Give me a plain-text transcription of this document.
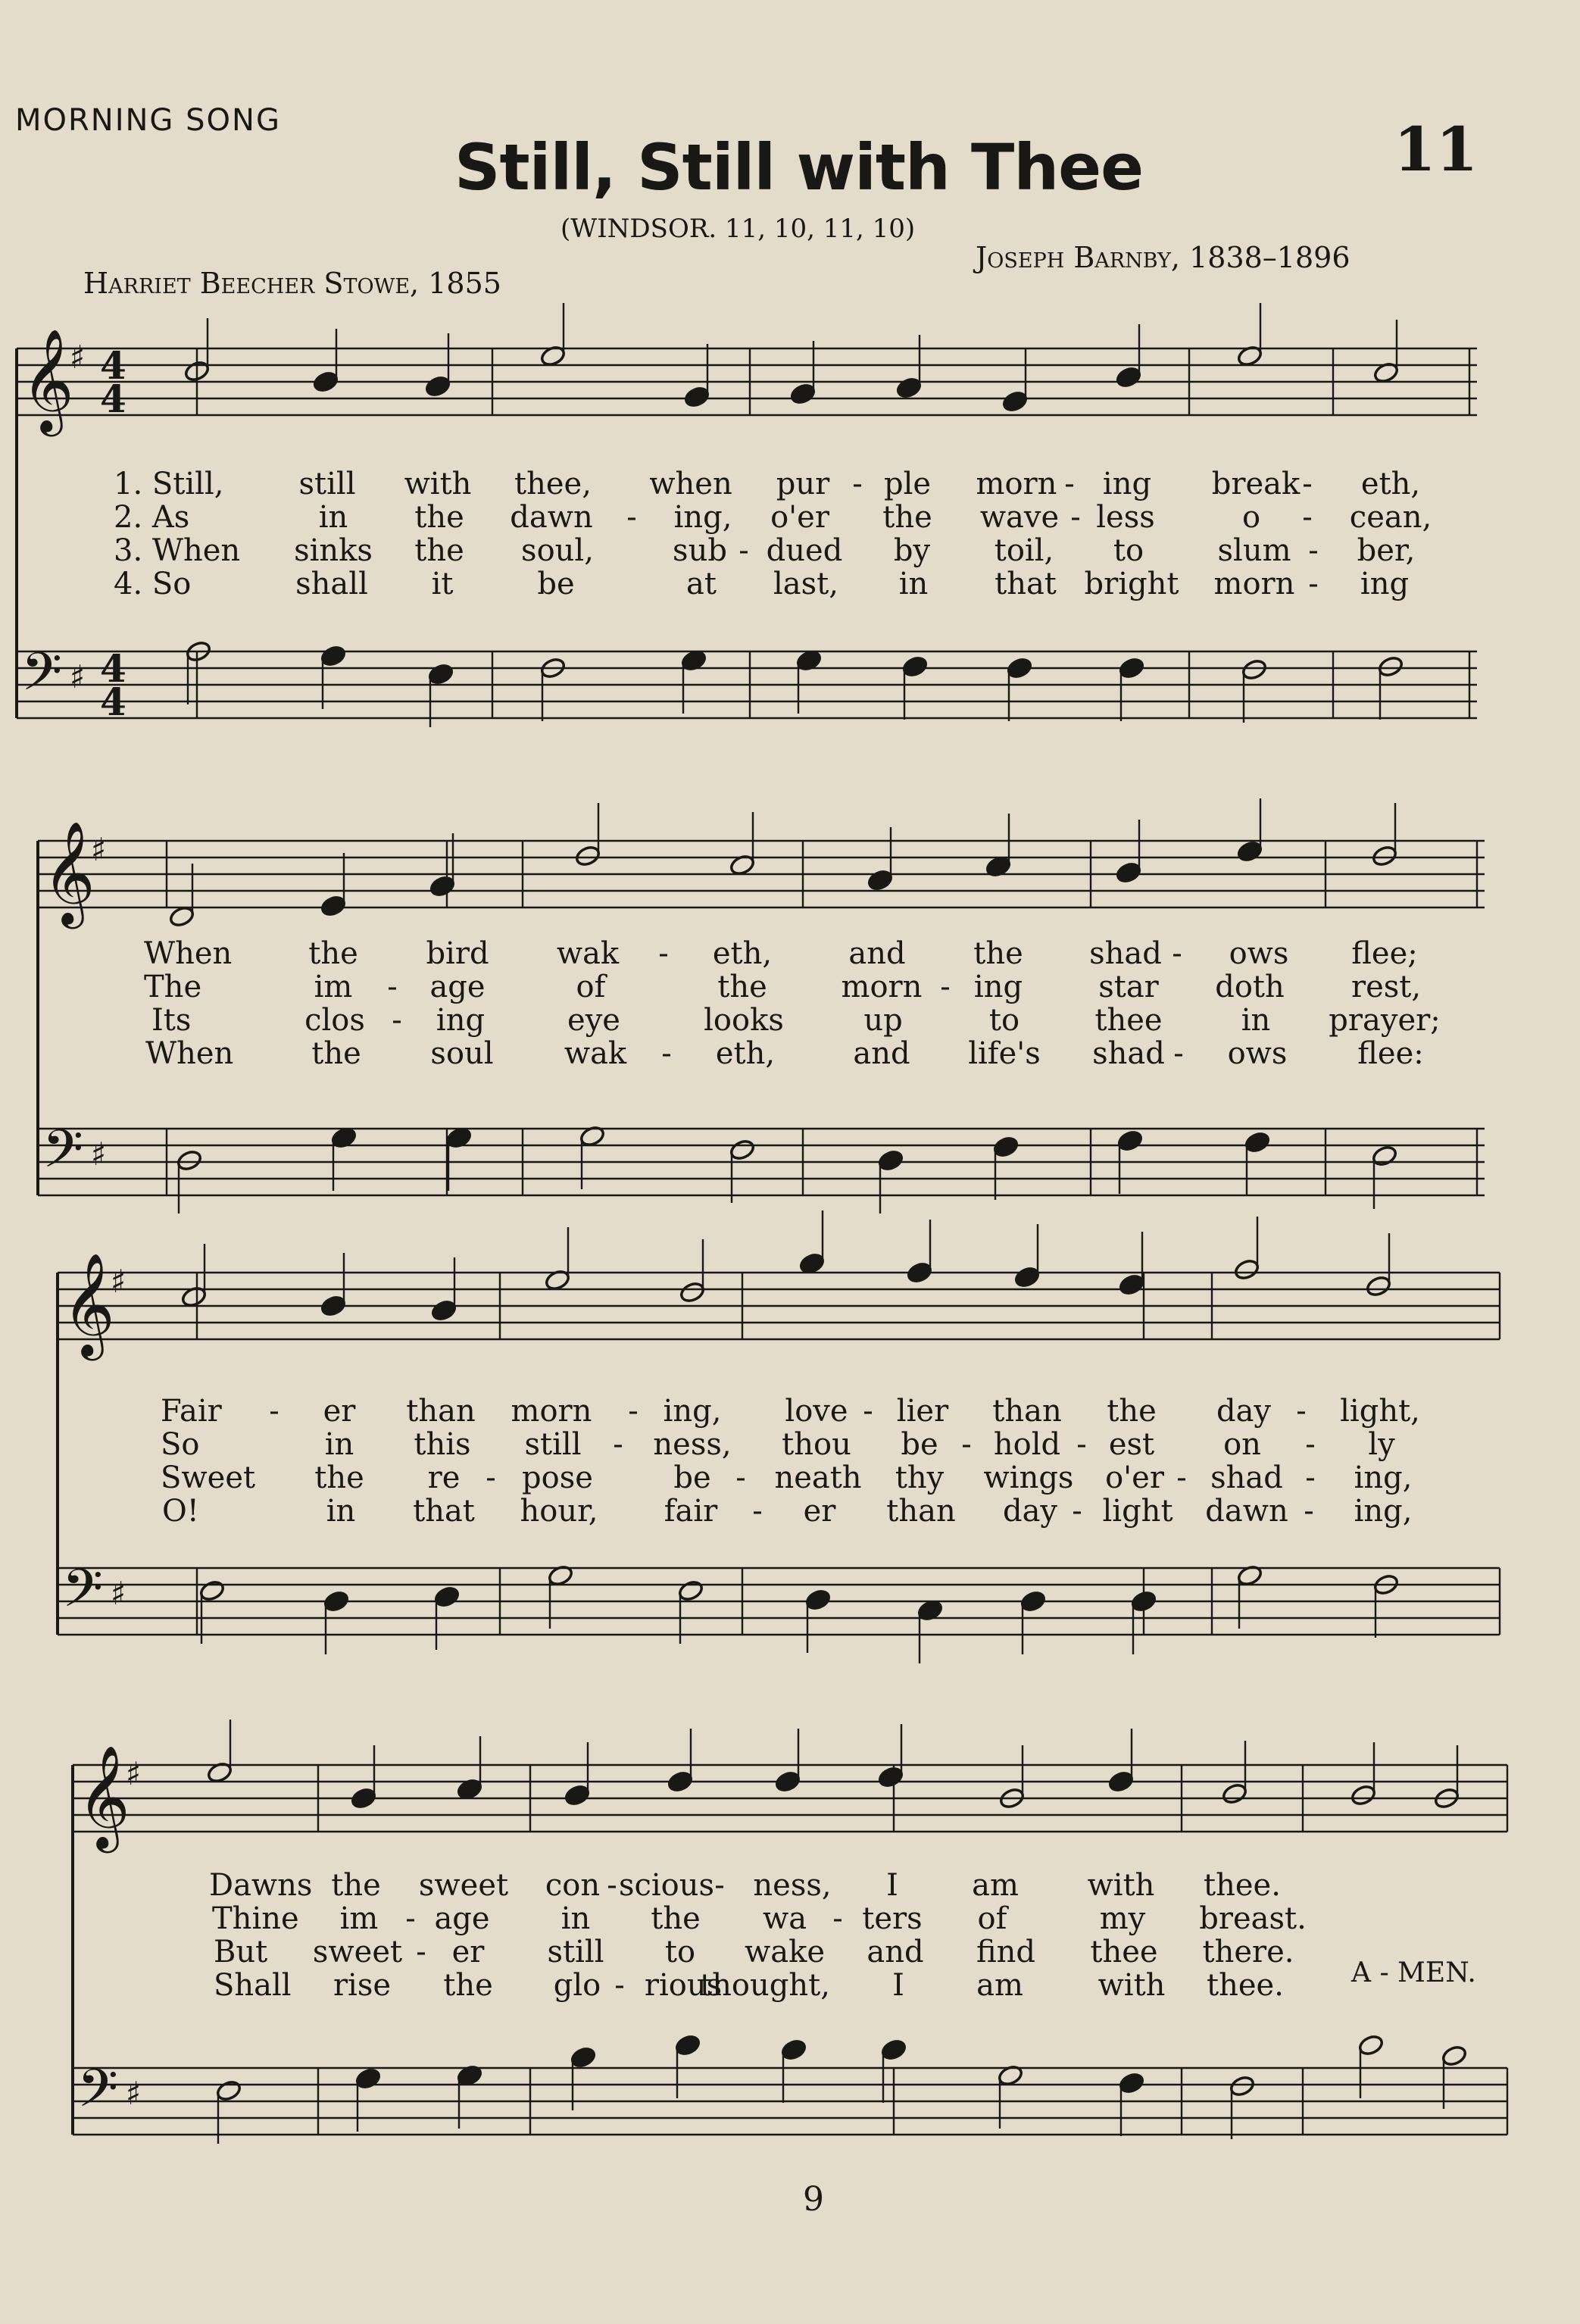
MORNING SONG	11
Still, Still with Thee
(WINDSOR. 11, 10, 11, 10)
Harriet Beecher Stowe, 1855
Joseph Barnby, 1838–1896
𝄞
𝄢
♯
♯
4
4
4
4
1. Still, still with thee, when pur - ple morn - ing break - eth,
2. As	in the dawn - ing, o'er the wave - less	o - cean,
3. When sinks the soul,	sub - dued by toil, to slum - ber,
4. So	shall it	be	at last, in that bright morn - ing
𝄞
𝄢
♯
♯
When	the bird wak - eth,	and the shad - ows flee;
The	im - age	of	the morn - ing	star doth rest,
Its	clos - ing	eye	looks	up	to thee	in prayer;
When	the soul wak - eth,	and life's shad - ows flee:
𝄞
𝄢
♯
♯
Fair - er than morn - ing, love - lier than the day - light,
So	in this still - ness, thou be - hold - est on - ly
Sweet the re - pose	be - neath thy wings o'er - shad - ing,
O!	in that hour, fair - er than day - light dawn - ing,
𝄞
𝄢
♯
♯
Dawns the sweet con - scious - ness, I am with thee.
Thine im - age in the wa - ters of	my breast.
But sweet - er still to wake and find thee there.
Shall rise the glo - rious
thought, I am with thee. A - MEN.
9
